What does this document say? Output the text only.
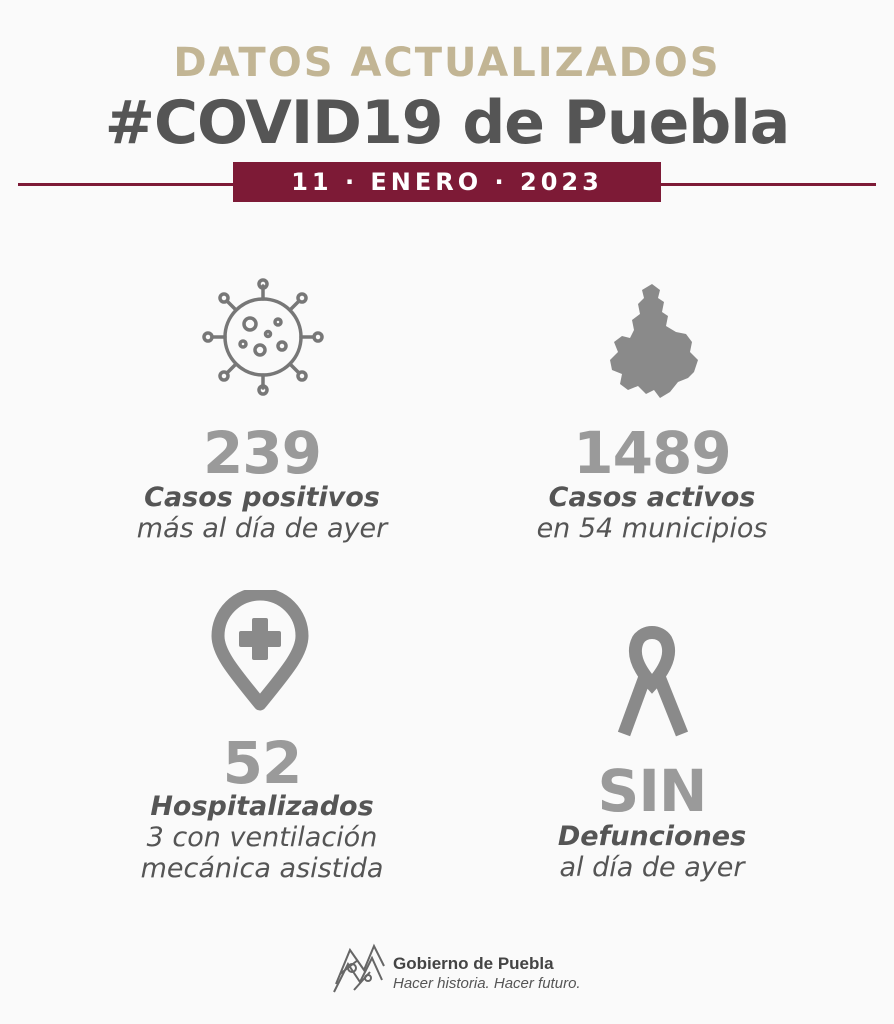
DATOS ACTUALIZADOS
#COVID19 de Puebla
11 · ENERO · 2023
239	1489
Casos positivos
más al día de ayer
Casos activos
en 54 municipios
52	SIN
Hospitalizados
3 con ventilación
mecánica asistida
Defunciones
al día de ayer
Gobierno de Puebla
Hacer historia. Hacer futuro.
